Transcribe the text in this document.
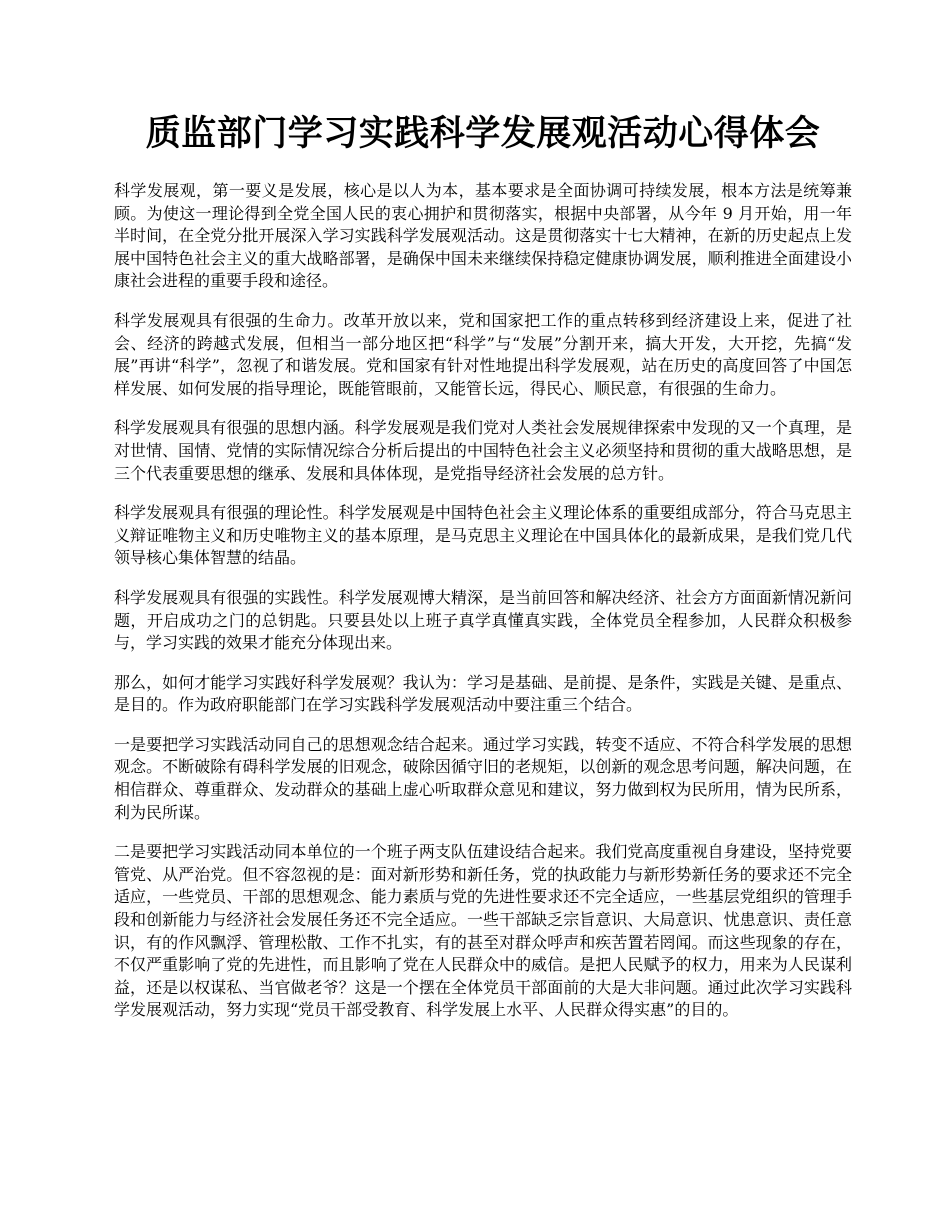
质监部门学习实践科学发展观活动心得体会

科学发展观，第一要义是发展，核心是以人为本，基本要求是全面协调可持续发展，根本方法是统筹兼顾。为使这一理论得到全党全国人民的衷心拥护和贯彻落实，根据中央部署，从今年 9 月开始，用一年半时间，在全党分批开展深入学习实践科学发展观活动。这是贯彻落实十七大精神，在新的历史起点上发展中国特色社会主义的重大战略部署，是确保中国未来继续保持稳定健康协调发展，顺利推进全面建设小康社会进程的重要手段和途径。

科学发展观具有很强的生命力。改革开放以来，党和国家把工作的重点转移到经济建设上来，促进了社会、经济的跨越式发展，但相当一部分地区把“科学”与“发展”分割开来，搞大开发，大开挖，先搞“发展”再讲“科学”，忽视了和谐发展。党和国家有针对性地提出科学发展观，站在历史的高度回答了中国怎样发展、如何发展的指导理论，既能管眼前，又能管长远，得民心、顺民意，有很强的生命力。

科学发展观具有很强的思想内涵。科学发展观是我们党对人类社会发展规律探索中发现的又一个真理，是对世情、国情、党情的实际情况综合分析后提出的中国特色社会主义必须坚持和贯彻的重大战略思想，是三个代表重要思想的继承、发展和具体体现，是党指导经济社会发展的总方针。

科学发展观具有很强的理论性。科学发展观是中国特色社会主义理论体系的重要组成部分，符合马克思主义辩证唯物主义和历史唯物主义的基本原理，是马克思主义理论在中国具体化的最新成果，是我们党几代领导核心集体智慧的结晶。

科学发展观具有很强的实践性。科学发展观博大精深，是当前回答和解决经济、社会方方面面新情况新问题，开启成功之门的总钥匙。只要县处以上班子真学真懂真实践，全体党员全程参加，人民群众积极参与，学习实践的效果才能充分体现出来。

那么，如何才能学习实践好科学发展观？我认为：学习是基础、是前提、是条件，实践是关键、是重点、是目的。作为政府职能部门在学习实践科学发展观活动中要注重三个结合。

一是要把学习实践活动同自己的思想观念结合起来。通过学习实践，转变不适应、不符合科学发展的思想观念。不断破除有碍科学发展的旧观念，破除因循守旧的老规矩，以创新的观念思考问题，解决问题，在相信群众、尊重群众、发动群众的基础上虚心听取群众意见和建议，努力做到权为民所用，情为民所系，利为民所谋。

二是要把学习实践活动同本单位的一个班子两支队伍建设结合起来。我们党高度重视自身建设，坚持党要管党、从严治党。但不容忽视的是：面对新形势和新任务，党的执政能力与新形势新任务的要求还不完全适应，一些党员、干部的思想观念、能力素质与党的先进性要求还不完全适应，一些基层党组织的管理手段和创新能力与经济社会发展任务还不完全适应。一些干部缺乏宗旨意识、大局意识、忧患意识、责任意识，有的作风飘浮、管理松散、工作不扎实，有的甚至对群众呼声和疾苦置若罔闻。而这些现象的存在，不仅严重影响了党的先进性，而且影响了党在人民群众中的威信。是把人民赋予的权力，用来为人民谋利益，还是以权谋私、当官做老爷？这是一个摆在全体党员干部面前的大是大非问题。通过此次学习实践科学发展观活动，努力实现“党员干部受教育、科学发展上水平、人民群众得实惠”的目的。
